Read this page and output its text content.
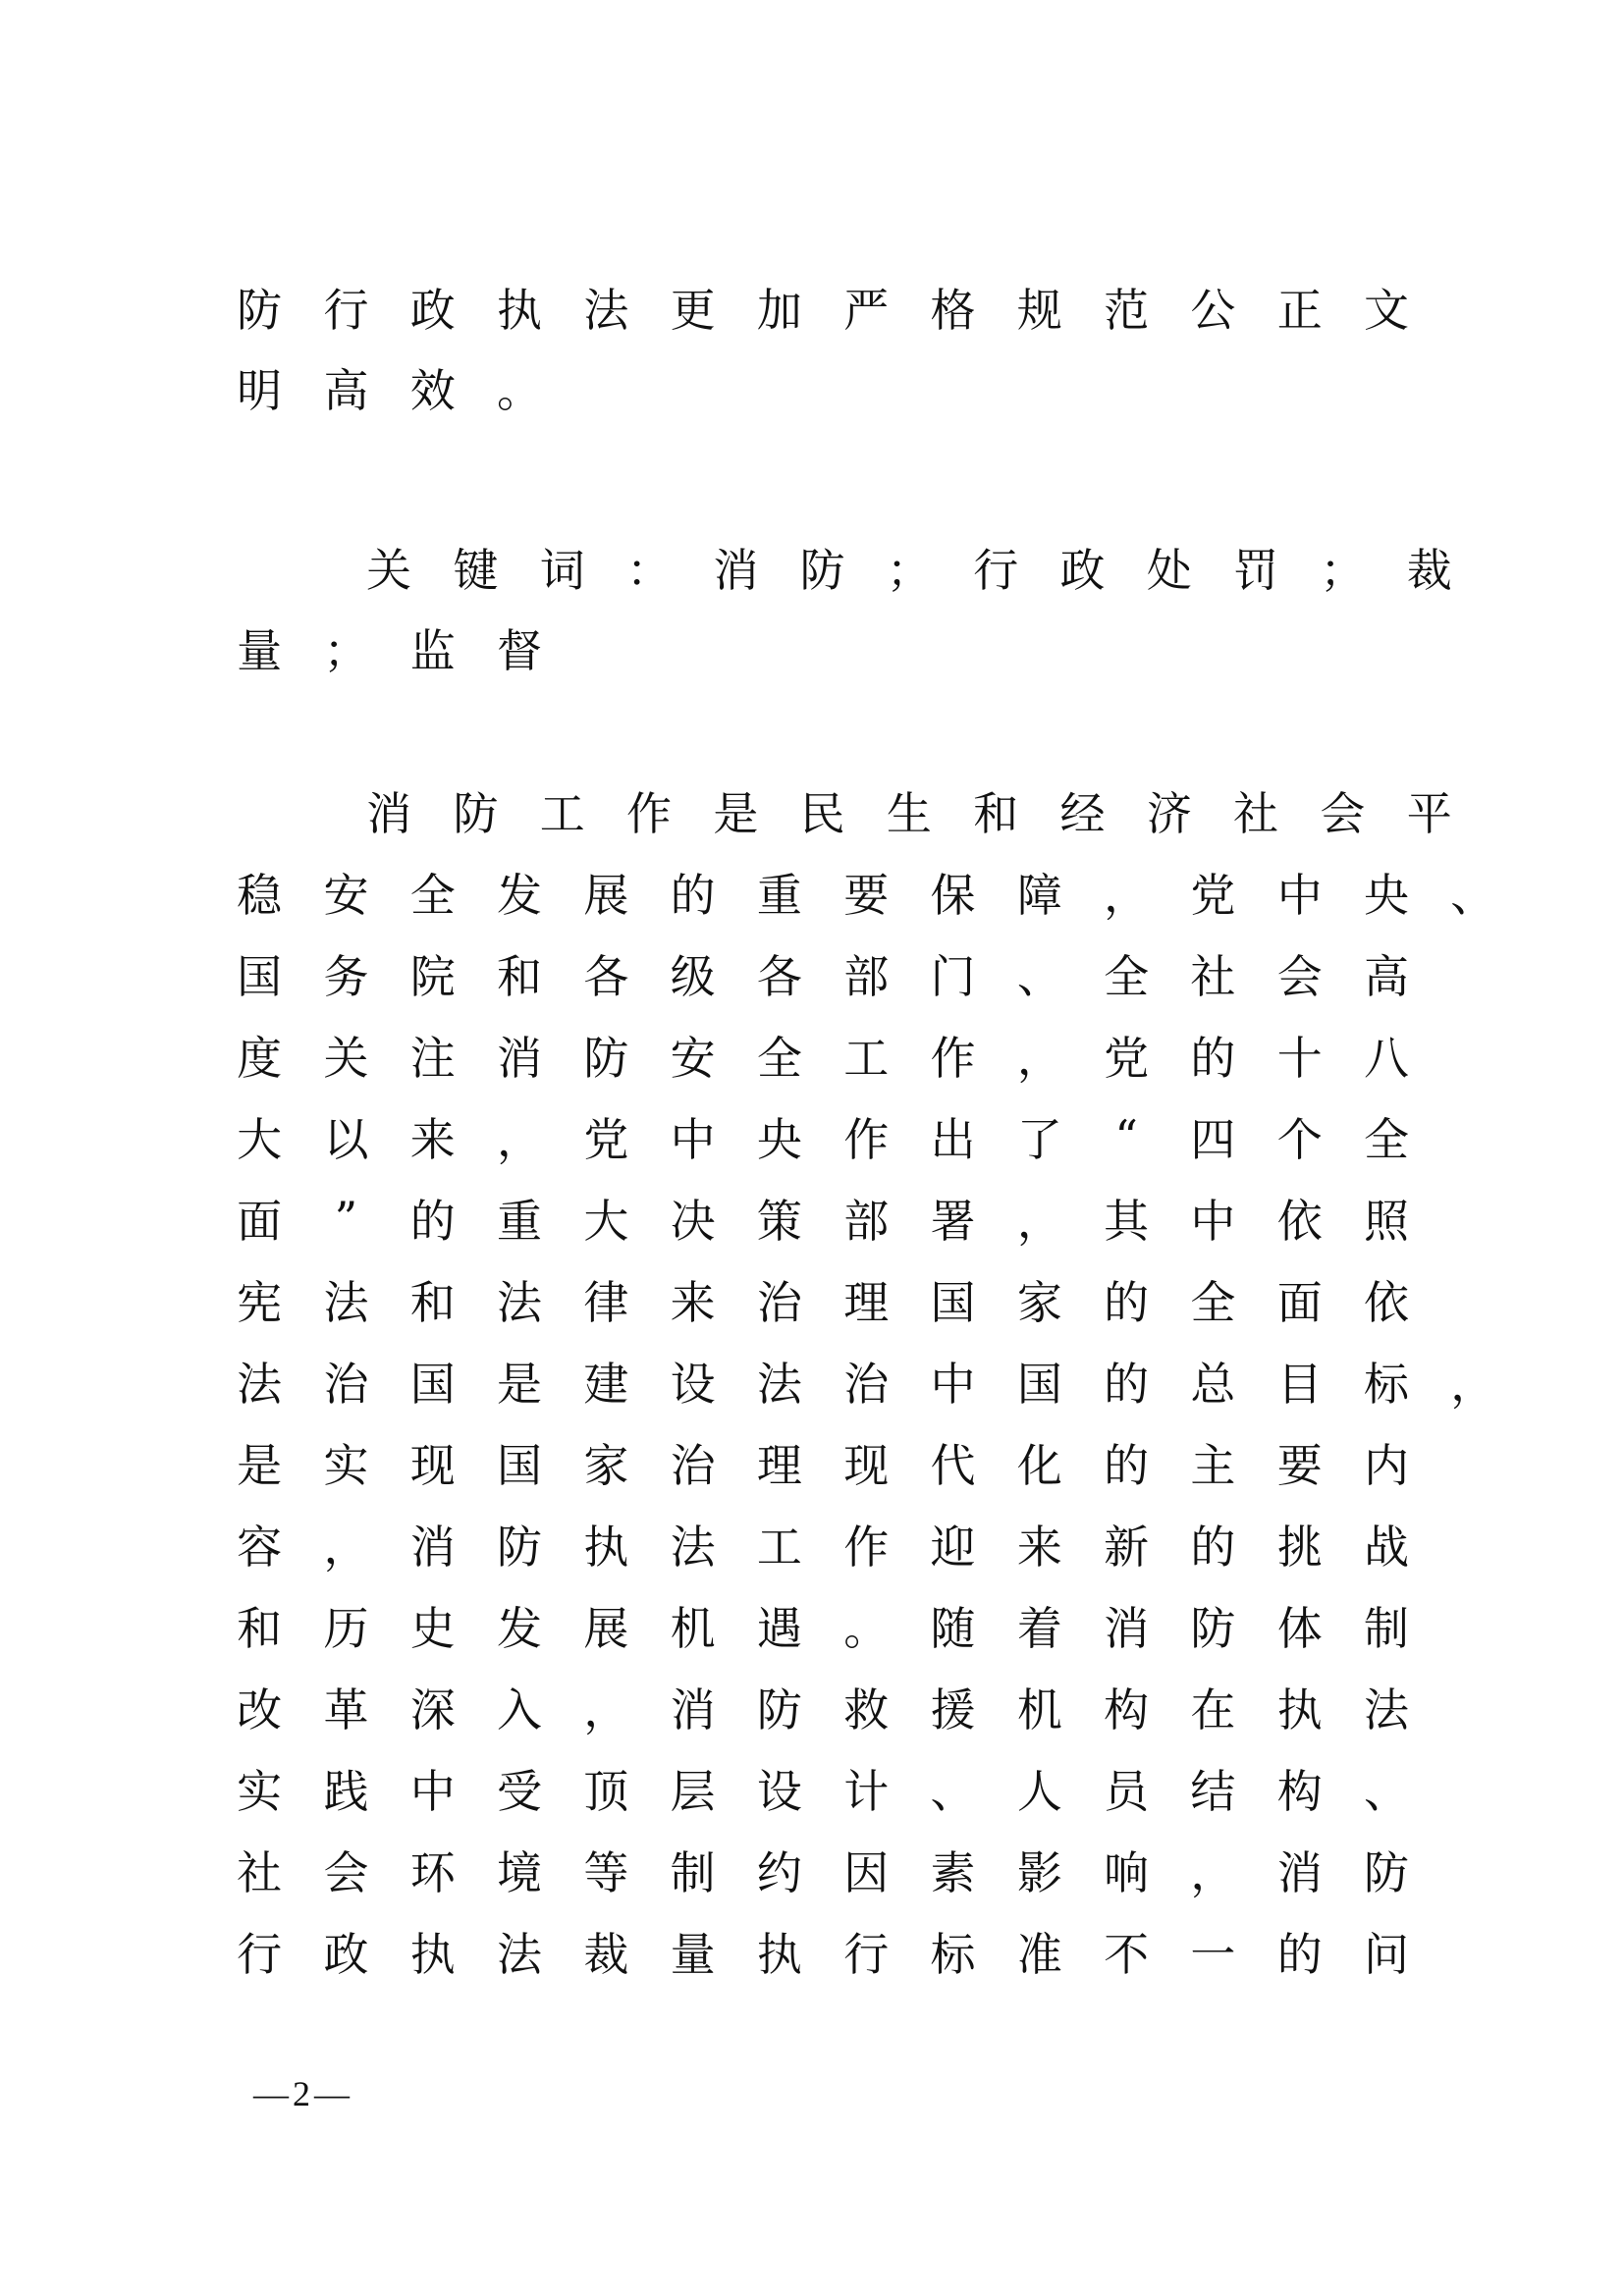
防 行 政 执 法 更 加 严 格 规 范 公 正 文
明 高 效 。
关 键 词 ： 消 防 ； 行 政 处 罚 ； 裁
量 ； 监 督
消 防 工 作 是 民 生 和 经 济 社 会 平
稳 安 全 发 展 的 重 要 保 障 ， 党 中 央 、
国 务 院 和 各 级 各 部 门 、 全 社 会 高
度 关 注 消 防 安 全 工 作 ， 党 的 十 八
大 以 来 ， 党 中 央 作 出 了	“	四 个 全
面	”	的 重 大 决 策 部 署 ， 其 中 依 照
宪 法 和 法 律 来 治 理 国 家 的 全 面 依
法 治 国 是 建 设 法 治 中 国 的 总 目 标 ，
是 实 现 国 家 治 理 现 代 化 的 主 要 内
容 ， 消 防 执 法 工 作 迎 来 新 的 挑 战
和 历 史 发 展 机 遇 。 随 着 消 防 体 制
改 革 深 入 ， 消 防 救 援 机 构 在 执 法
实 践 中 受 顶 层 设 计 、 人 员 结 构 、
社 会 环 境 等 制 约 因 素 影 响 ， 消 防
行 政 执 法 裁 量 执 行 标 准 不 一 的 问
—2—
